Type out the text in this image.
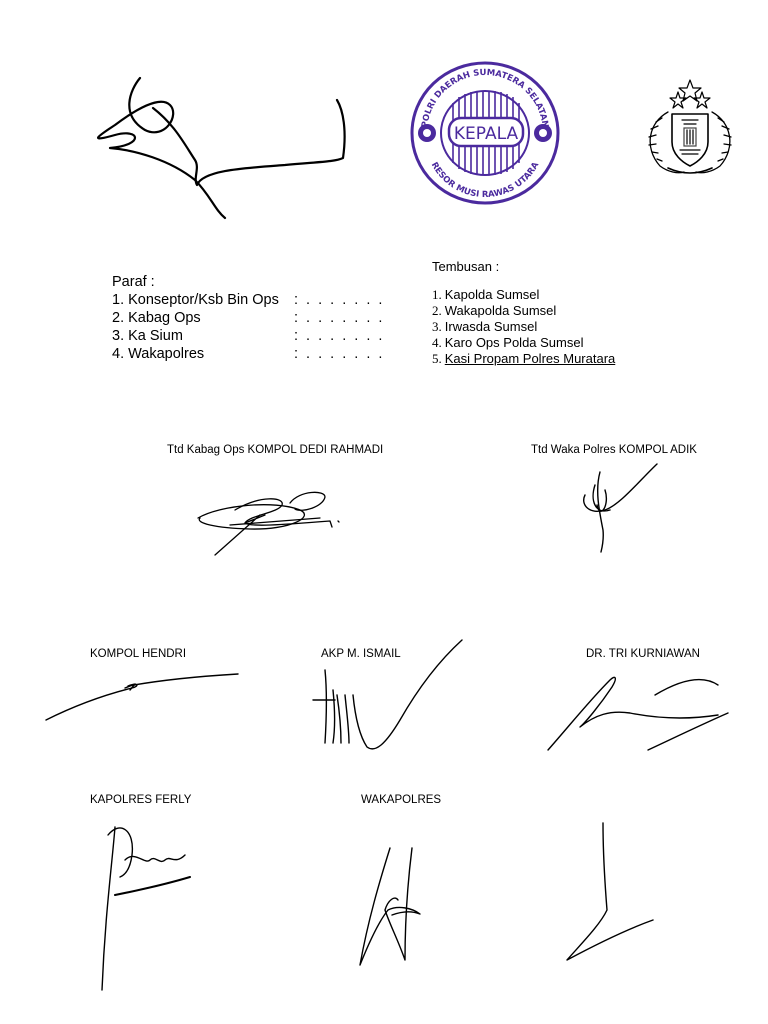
POLRI DAERAH SUMATERA SELATAN
KEPALA
RESOR MUSI RAWAS UTARA
Paraf :
1. Konseptor/Ksb Bin Ops	: . . . . . . .
2. Kabag Ops	: . . . . . . .
3. Ka Sium	: . . . . . . .
4. Wakapolres	: . . . . . . .
Tembusan :
1. Kapolda Sumsel
2. Wakapolda Sumsel
3. Irwasda Sumsel
4. Karo Ops Polda Sumsel
5. Kasi Propam Polres Muratara
Ttd Kabag Ops KOMPOL DEDI RAHMADI	Ttd Waka Polres KOMPOL ADIK
KOMPOL HENDRI	AKP M. ISMAIL	DR. TRI KURNIAWAN
KAPOLRES FERLY	WAKAPOLRES
